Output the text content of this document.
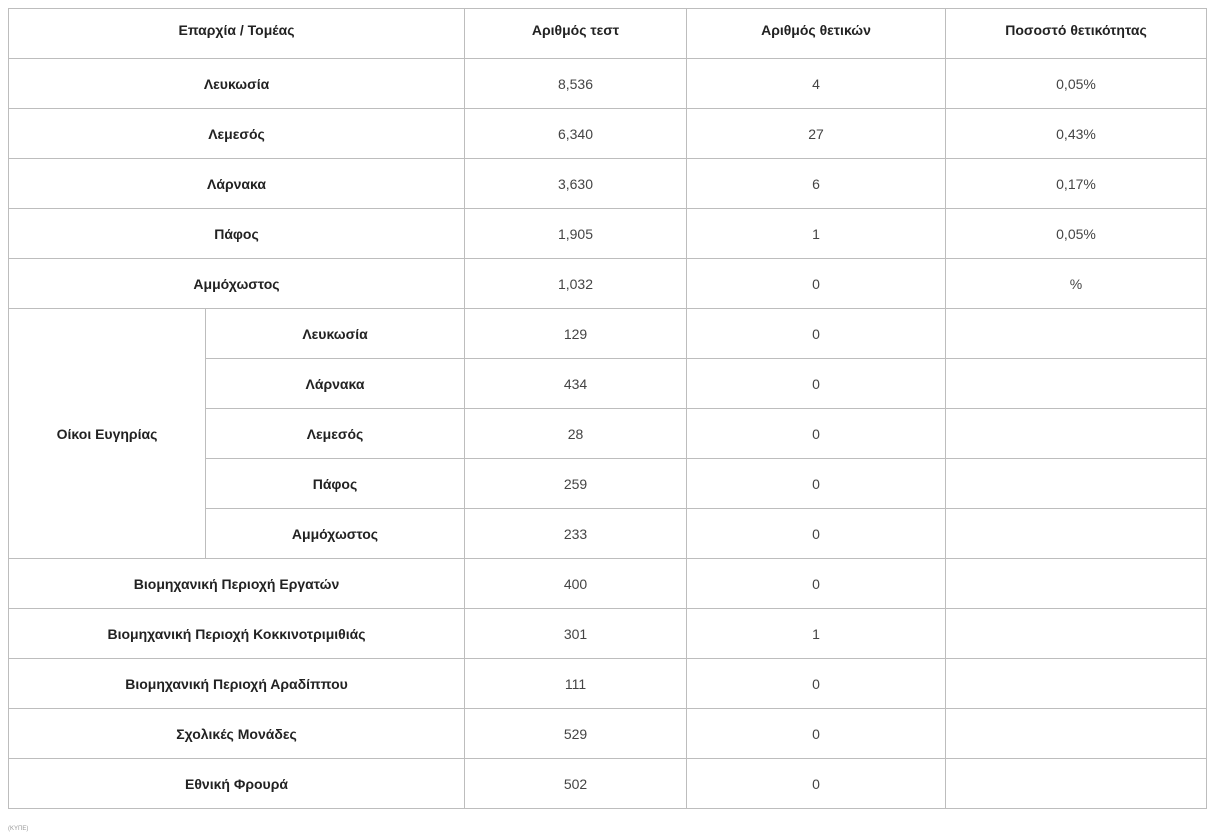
Επαρχία / Τομέας		Αριθμός τεστ	Αριθμός θετικών	Ποσοστό θετικότητας
Λευκωσία		8,536	4	0,05%
Λεμεσός		6,340	27	0,43%
Λάρνακα		3,630	6	0,17%
Πάφος		1,905	1	0,05%
Αμμόχωστος		1,032	0	%
Οίκοι Ευγηρίας	Λευκωσία	129	0	
	Λάρνακα	434	0	
	Λεμεσός	28	0	
	Πάφος	259	0	
	Αμμόχωστος	233	0	
Βιομηχανική Περιοχή Εργατών		400	0	
Βιομηχανική Περιοχή Κοκκινοτριμιθιάς		301	1	
Βιομηχανική Περιοχή Αραδίππου		111	0	
Σχολικές Μονάδες		529	0	
Εθνική Φρουρά		502	0	
(ΚΥΠΕ)
